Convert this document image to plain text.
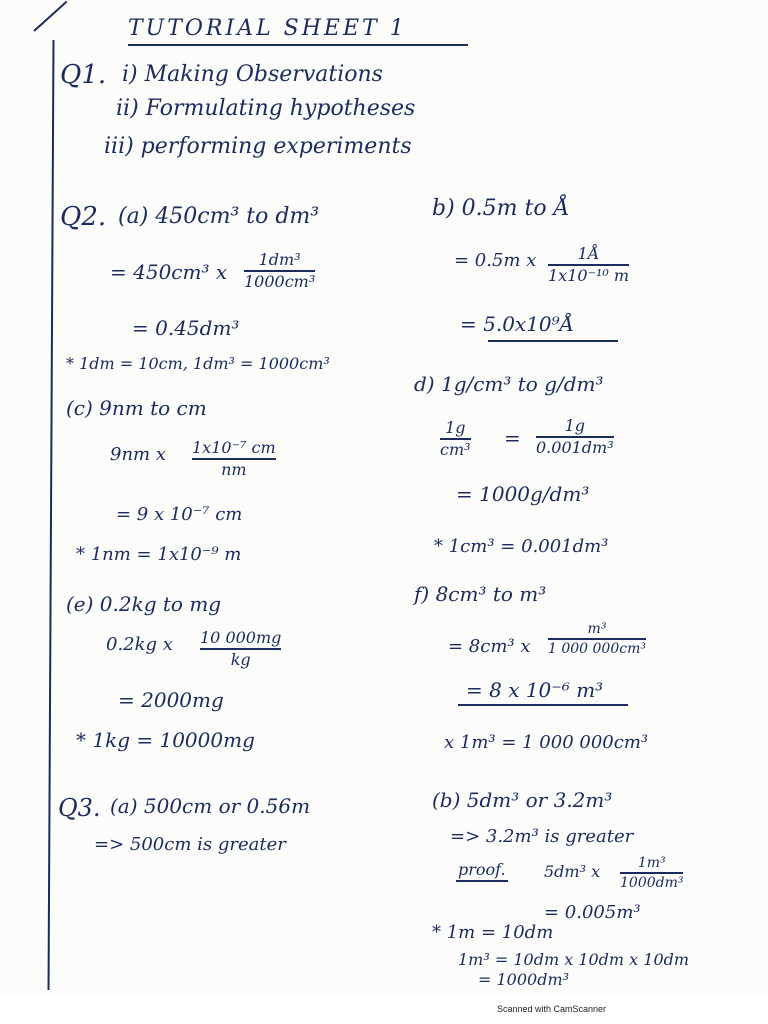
TUTORIAL SHEET 1
Q1. i) Making Observations
ii) Formulating hypotheses
iii) performing experiments
Q2. (a) 450cm³ to dm³
= 450cm³ x
1dm³
1000cm³
= 0.45dm³
* 1dm = 10cm, 1dm³ = 1000cm³
b) 0.5m to Å
= 0.5m x	1Å
1x10⁻¹⁰ m
= 5.0x10⁹Å
(c) 9nm to cm
9nm x 1x10⁻⁷ cm
nm
= 9 x 10⁻⁷ cm
* 1nm = 1x10⁻⁹ m
d) 1g/cm³ to g/dm³
1g
cm³ =
1g
0.001dm³
= 1000g/dm³
* 1cm³ = 0.001dm³
(e) 0.2kg to mg
0.2kg x 10 000mg
kg
= 2000mg
* 1kg = 10000mg
f) 8cm³ to m³
= 8cm³ x
m³
1 000 000cm³
= 8 x 10⁻⁶ m³
x 1m³ = 1 000 000cm³
Q3. (a) 500cm or 0.56m
=> 500cm is greater
(b) 5dm³ or 3.2m³
=> 3.2m³ is greater
proof. 5dm³ x	1m³
1000dm³
= 0.005m³
* 1m = 10dm
1m³ = 10dm x 10dm x 10dm
= 1000dm³
Scanned with CamScanner
